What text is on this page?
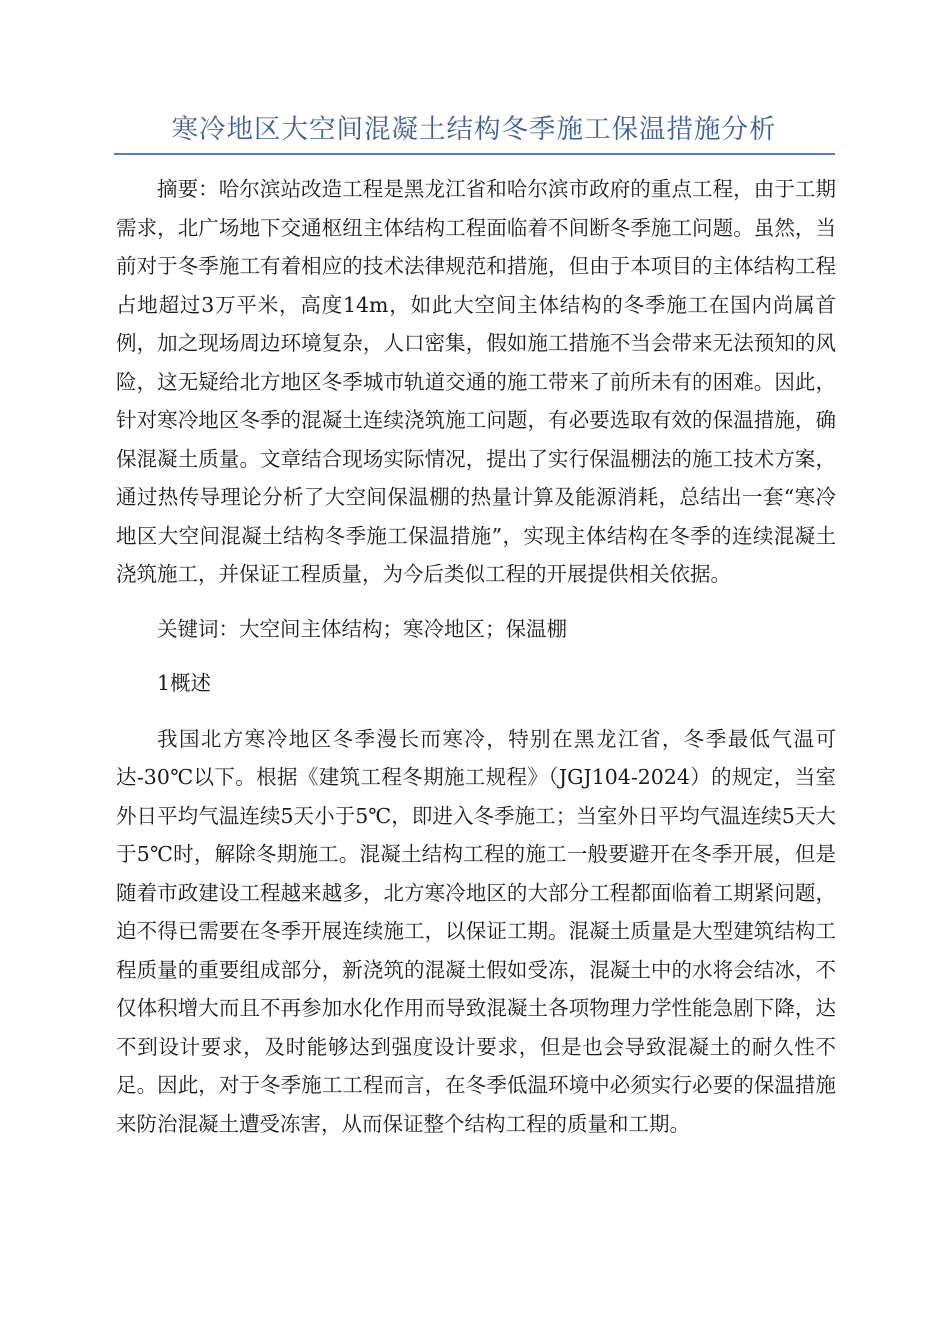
寒冷地区大空间混凝土结构冬季施工保温措施分析

摘要：哈尔滨站改造工程是黑龙江省和哈尔滨市政府的重点工程，由于工期需求，北广场地下交通枢纽主体结构工程面临着不间断冬季施工问题。虽然，当前对于冬季施工有着相应的技术法律规范和措施，但由于本项目的主体结构工程占地超过3万平米，高度14m，如此大空间主体结构的冬季施工在国内尚属首例，加之现场周边环境复杂，人口密集，假如施工措施不当会带来无法预知的风险，这无疑给北方地区冬季城市轨道交通的施工带来了前所未有的困难。因此，针对寒冷地区冬季的混凝土连续浇筑施工问题，有必要选取有效的保温措施，确保混凝土质量。文章结合现场实际情况，提出了实行保温棚法的施工技术方案，通过热传导理论分析了大空间保温棚的热量计算及能源消耗，总结出一套“寒冷地区大空间混凝土结构冬季施工保温措施”，实现主体结构在冬季的连续混凝土浇筑施工，并保证工程质量，为今后类似工程的开展提供相关依据。

关键词：大空间主体结构；寒冷地区；保温棚

1概述

我国北方寒冷地区冬季漫长而寒冷，特别在黑龙江省，冬季最低气温可达-30℃以下。根据《建筑工程冬期施工规程》（JGJ104-2024）的规定，当室外日平均气温连续5天小于5℃，即进入冬季施工；当室外日平均气温连续5天大于5℃时，解除冬期施工。混凝土结构工程的施工一般要避开在冬季开展，但是随着市政建设工程越来越多，北方寒冷地区的大部分工程都面临着工期紧问题，迫不得已需要在冬季开展连续施工，以保证工期。混凝土质量是大型建筑结构工程质量的重要组成部分，新浇筑的混凝土假如受冻，混凝土中的水将会结冰，不仅体积增大而且不再参加水化作用而导致混凝土各项物理力学性能急剧下降，达不到设计要求，及时能够达到强度设计要求，但是也会导致混凝土的耐久性不足。因此，对于冬季施工工程而言，在冬季低温环境中必须实行必要的保温措施来防治混凝土遭受冻害，从而保证整个结构工程的质量和工期。
